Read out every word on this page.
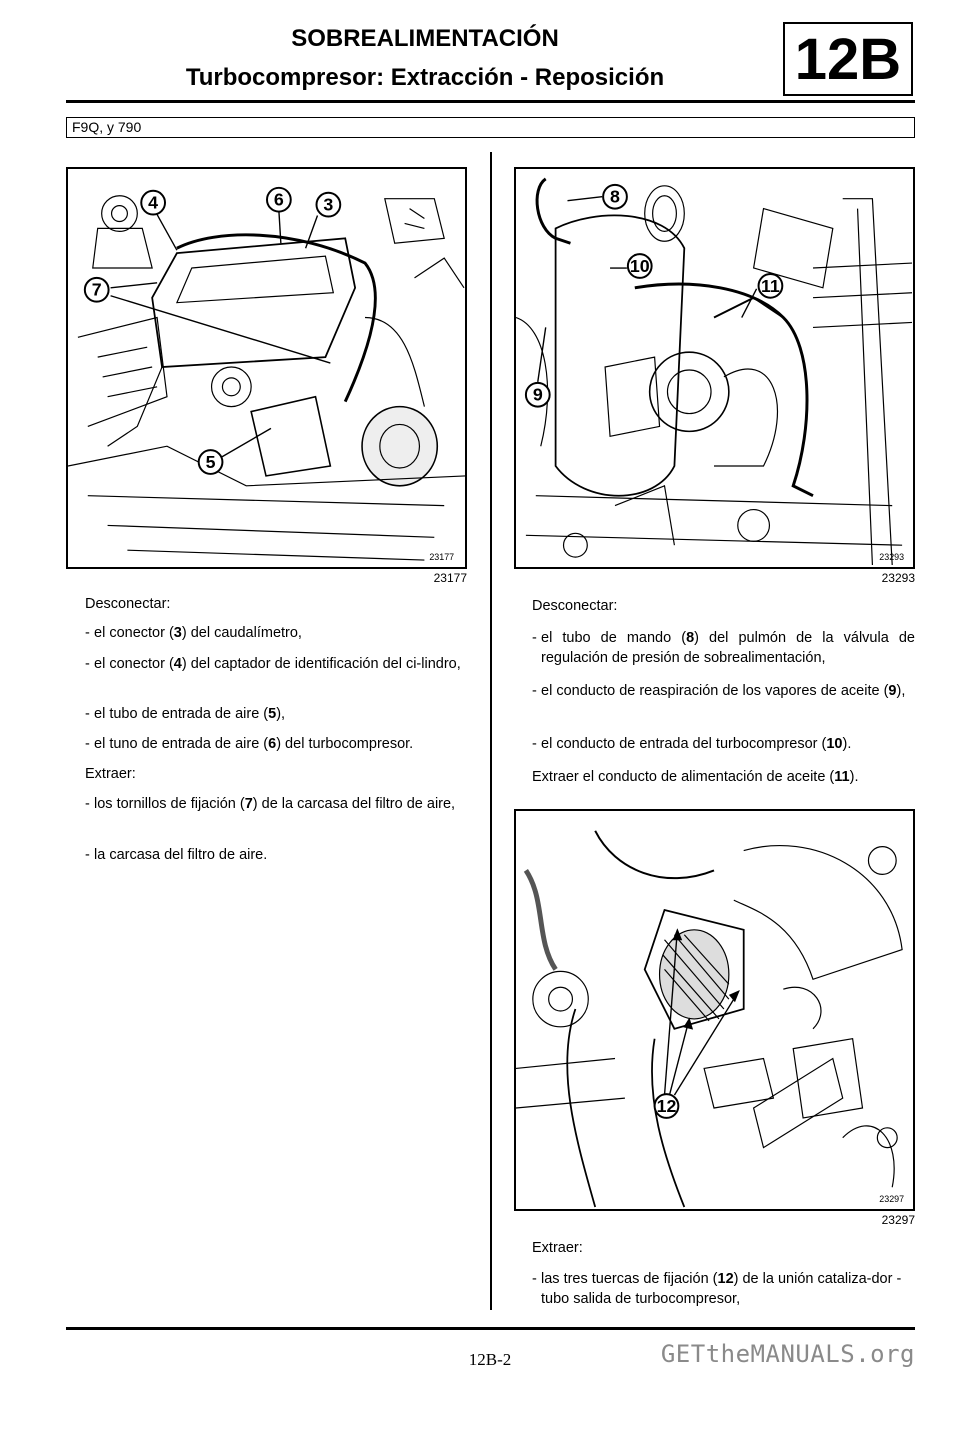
SOBREALIMENTACIÓN
Turbocompresor: Extracción - Reposición	12B
F9Q, y 790
4	6 3
7
5
23177
23177
8
10
11
9
23293
23293
12
23297
23297
Desconectar:
- el conector (3) del caudalímetro,
- el conector (4) del captador de identificación del ci-lindro,
- el tubo de entrada de aire (5),
- el tuno de entrada de aire (6) del turbocompresor.
Extraer:
- los tornillos de fijación (7) de la carcasa del filtro de aire,
- la carcasa del filtro de aire.
Desconectar:
- el tubo de mando (8) del pulmón de la válvula de regulación de presión de sobrealimentación,
- el conducto de reaspiración de los vapores de aceite (9),
- el conducto de entrada del turbocompresor (10).
Extraer el conducto de alimentación de aceite (11).
Extraer:
- las tres tuercas de fijación (12) de la unión cataliza-dor - tubo salida de turbocompresor,
12B-2	GETtheMANUALS.org
